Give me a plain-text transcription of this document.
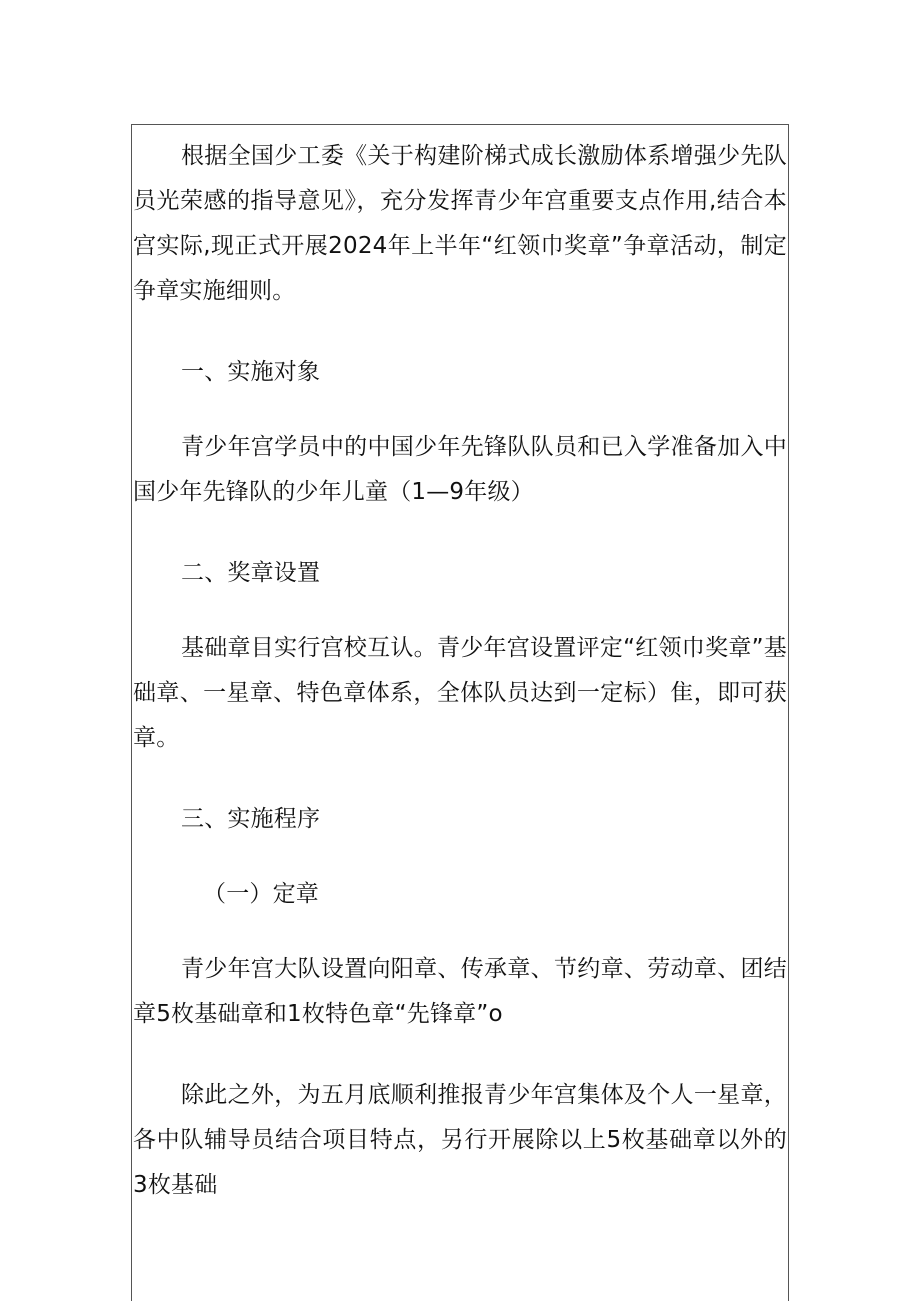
根据全国少工委《关于构建阶梯式成长激励体系增强少先队员光荣感的指导意见》，充分发挥青少年宫重要支点作用,结合本宫实际,现正式开展2024年上半年“红领巾奖章”争章活动，制定争章实施细则。

一、实施对象

青少年宫学员中的中国少年先锋队队员和已入学准备加入中国少年先锋队的少年儿童（1—9年级）

二、奖章设置

基础章目实行宫校互认。青少年宫设置评定“红领巾奖章”基础章、一星章、特色章体系，全体队员达到一定标）隹，即可获章。

三、实施程序

（一）定章

青少年宫大队设置向阳章、传承章、节约章、劳动章、团结章5枚基础章和1枚特色章“先锋章”o

除此之外，为五月底顺利推报青少年宫集体及个人一星章，各中队辅导员结合项目特点，另行开展除以上5枚基础章以外的3枚基础
